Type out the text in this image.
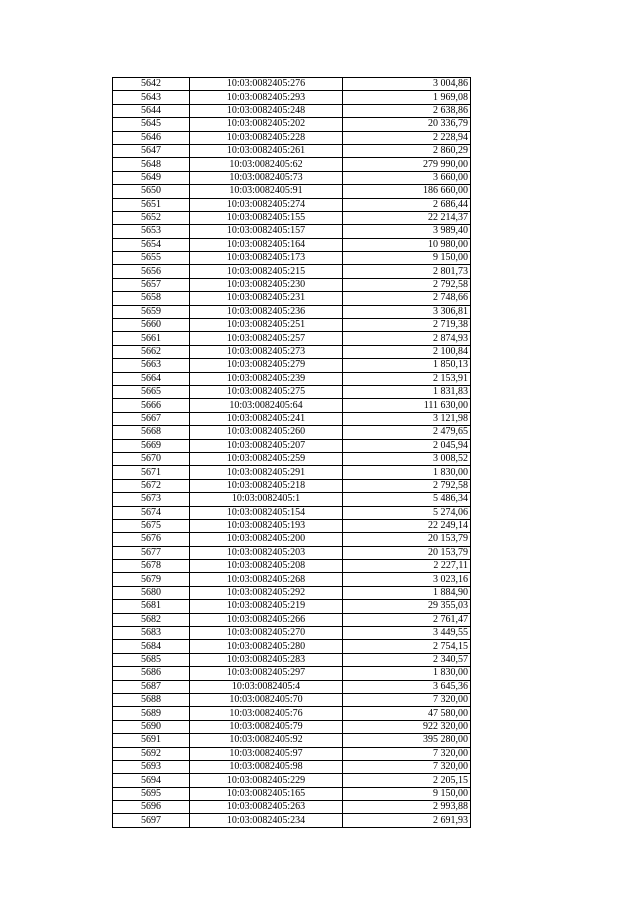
5642	10:03:0082405:276	3 004,86
5643	10:03:0082405:293	1 969,08
5644	10:03:0082405:248	2 638,86
5645	10:03:0082405:202	20 336,79
5646	10:03:0082405:228	2 228,94
5647	10:03:0082405:261	2 860,29
5648	10:03:0082405:62	279 990,00
5649	10:03:0082405:73	3 660,00
5650	10:03:0082405:91	186 660,00
5651	10:03:0082405:274	2 686,44
5652	10:03:0082405:155	22 214,37
5653	10:03:0082405:157	3 989,40
5654	10:03:0082405:164	10 980,00
5655	10:03:0082405:173	9 150,00
5656	10:03:0082405:215	2 801,73
5657	10:03:0082405:230	2 792,58
5658	10:03:0082405:231	2 748,66
5659	10:03:0082405:236	3 306,81
5660	10:03:0082405:251	2 719,38
5661	10:03:0082405:257	2 874,93
5662	10:03:0082405:273	2 100,84
5663	10:03:0082405:279	1 850,13
5664	10:03:0082405:239	2 153,91
5665	10:03:0082405:275	1 831,83
5666	10:03:0082405:64	111 630,00
5667	10:03:0082405:241	3 121,98
5668	10:03:0082405:260	2 479,65
5669	10:03:0082405:207	2 045,94
5670	10:03:0082405:259	3 008,52
5671	10:03:0082405:291	1 830,00
5672	10:03:0082405:218	2 792,58
5673	10:03:0082405:1	5 486,34
5674	10:03:0082405:154	5 274,06
5675	10:03:0082405:193	22 249,14
5676	10:03:0082405:200	20 153,79
5677	10:03:0082405:203	20 153,79
5678	10:03:0082405:208	2 227,11
5679	10:03:0082405:268	3 023,16
5680	10:03:0082405:292	1 884,90
5681	10:03:0082405:219	29 355,03
5682	10:03:0082405:266	2 761,47
5683	10:03:0082405:270	3 449,55
5684	10:03:0082405:280	2 754,15
5685	10:03:0082405:283	2 340,57
5686	10:03:0082405:297	1 830,00
5687	10:03:0082405:4	3 645,36
5688	10:03:0082405:70	7 320,00
5689	10:03:0082405:76	47 580,00
5690	10:03:0082405:79	922 320,00
5691	10:03:0082405:92	395 280,00
5692	10:03:0082405:97	7 320,00
5693	10:03:0082405:98	7 320,00
5694	10:03:0082405:229	2 205,15
5695	10:03:0082405:165	9 150,00
5696	10:03:0082405:263	2 993,88
5697	10:03:0082405:234	2 691,93
